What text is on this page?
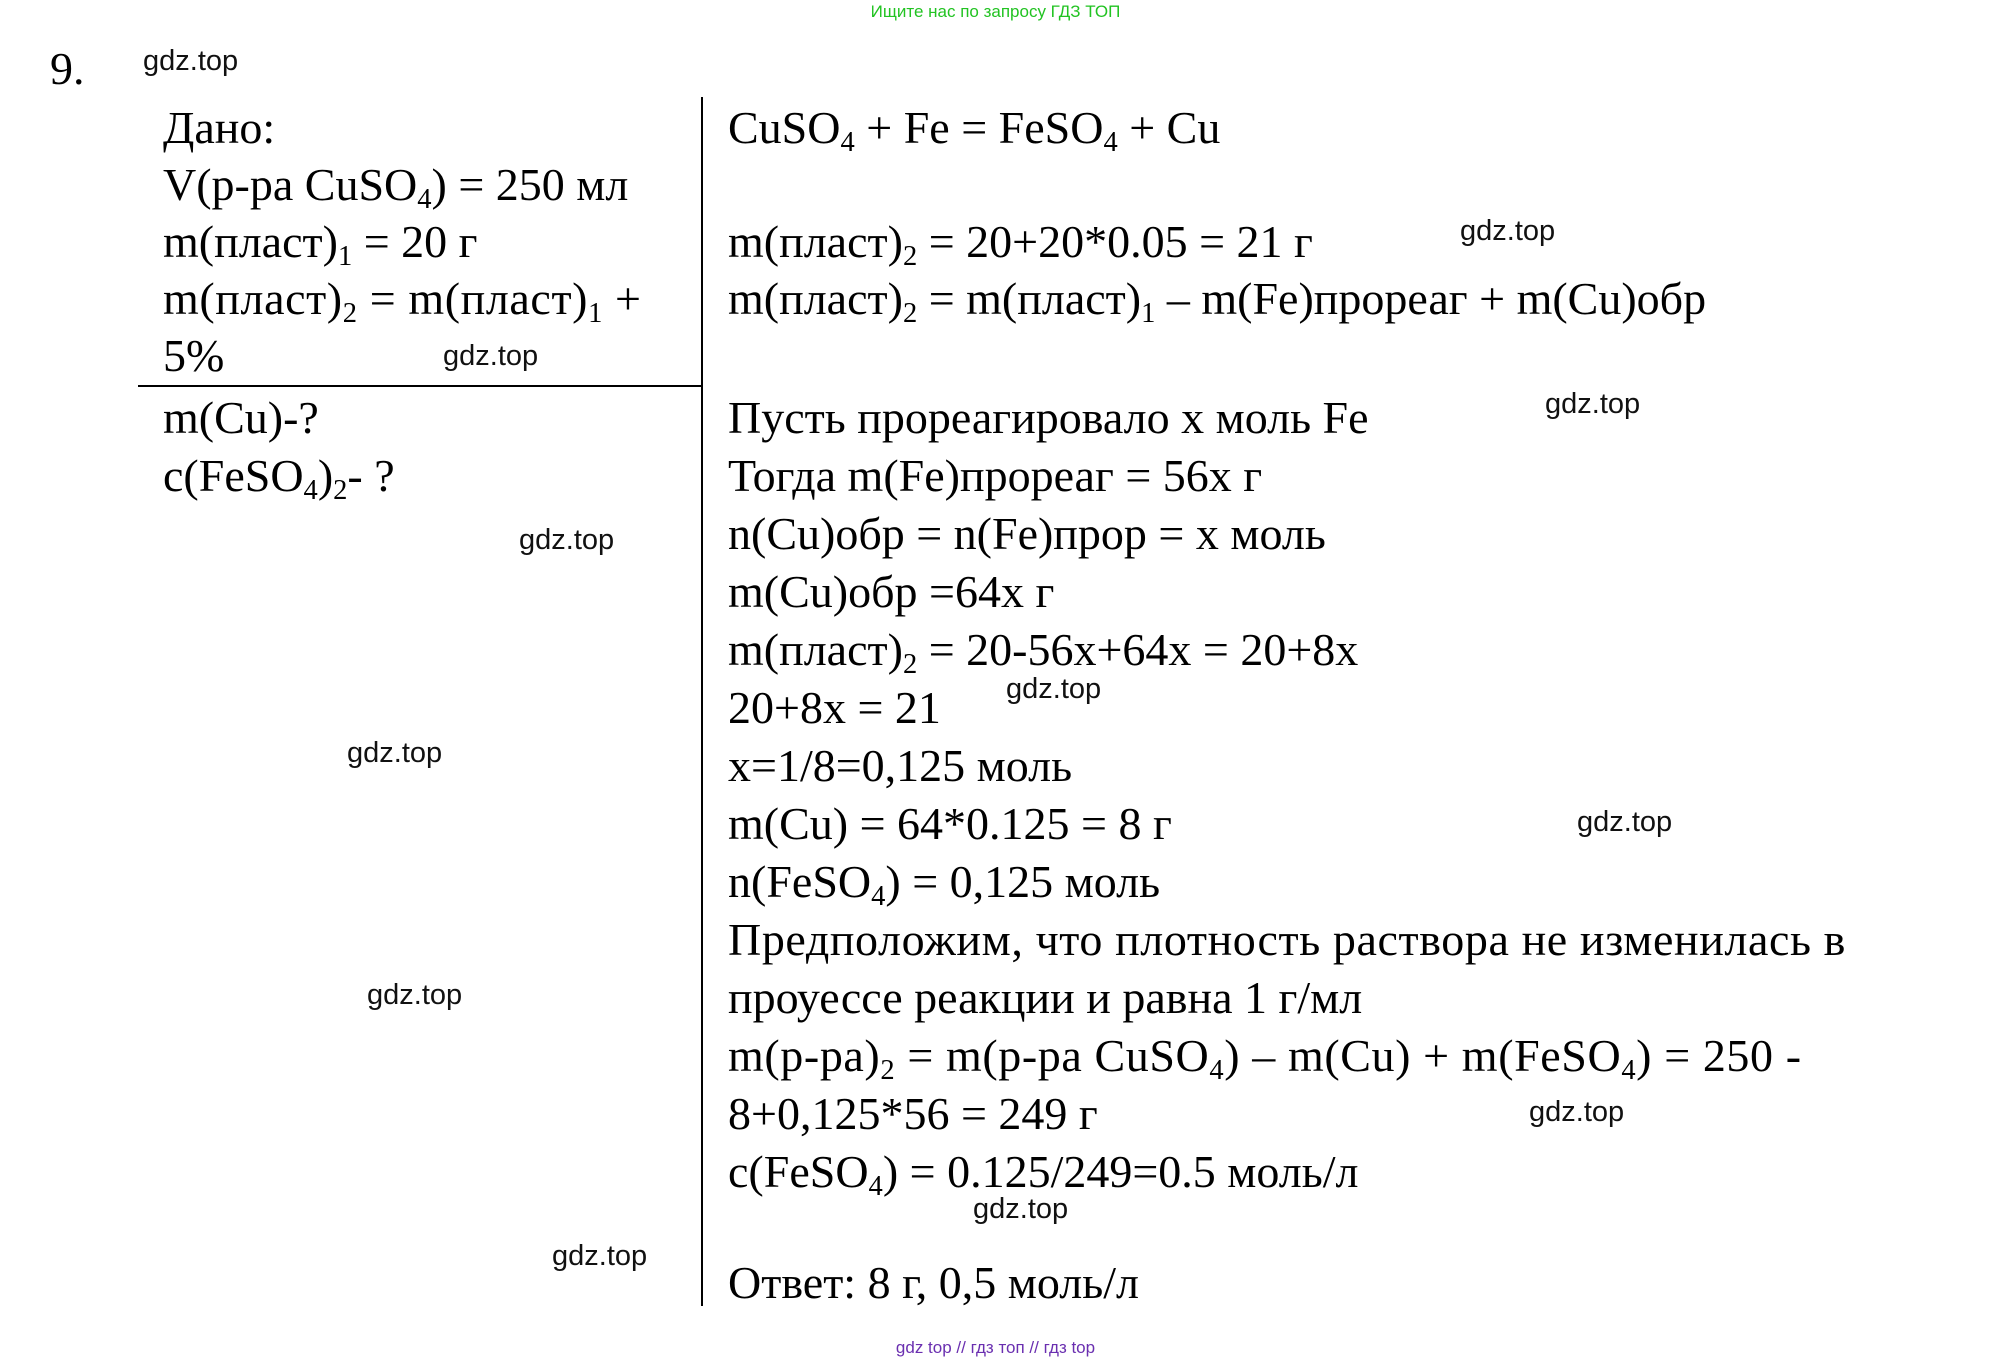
Ищите нас по запросу ГДЗ ТОП
9. gdz.top
gdz.top
gdz.top
gdz.top
gdz.top
gdz.top
gdz.top
gdz.top
gdz.top
gdz.top
gdz.top
gdz.top
Дано:
V(р-ра CuSO$_4$) = 250 мл
$m(пласт)_1 = 20$ г
$m(пласт)_2$ = $m(пласт)_1$ +
5%
m(Cu)-?
$c(FeSO_4)_2-$ ?
CuSO$_4$ + Fe = FeSO$_4$ + Cu
$m(пласт)_2 = 20+20*0.05 = 21$ г
$m(пласт)_2$ = $m(пласт)_1$ – m(Fe)прореаг + m(Cu)обр
Пусть прореагировало x моль Fe
Тогда m(Fe)прореаг = 56x г
n(Cu)обр = n(Fe)прор = x моль
m(Cu)обр =64x г
$m(пласт)_2 = 20-56x+64x = 20+8x$
20+8x = 21
x=1/8=0,125 моль
m(Cu) = 64*0.125 = 8 г
n(FeSO$_4$) = 0,125 моль
Предположим, что плотность раствора не изменилась в
проуессе реакции и равна 1 г/мл
$m(р-ра)_2 = m(р-ра$ CuSO$_4$) – m(Cu) + m(FeSO$_4$) = 250 -
8+0,125*56 = 249 г
c(FeSO$_4$) = 0.125/249=0.5 моль/л
Ответ: 8 г, 0,5 моль/л
gdz top // гдз топ // гдз top
